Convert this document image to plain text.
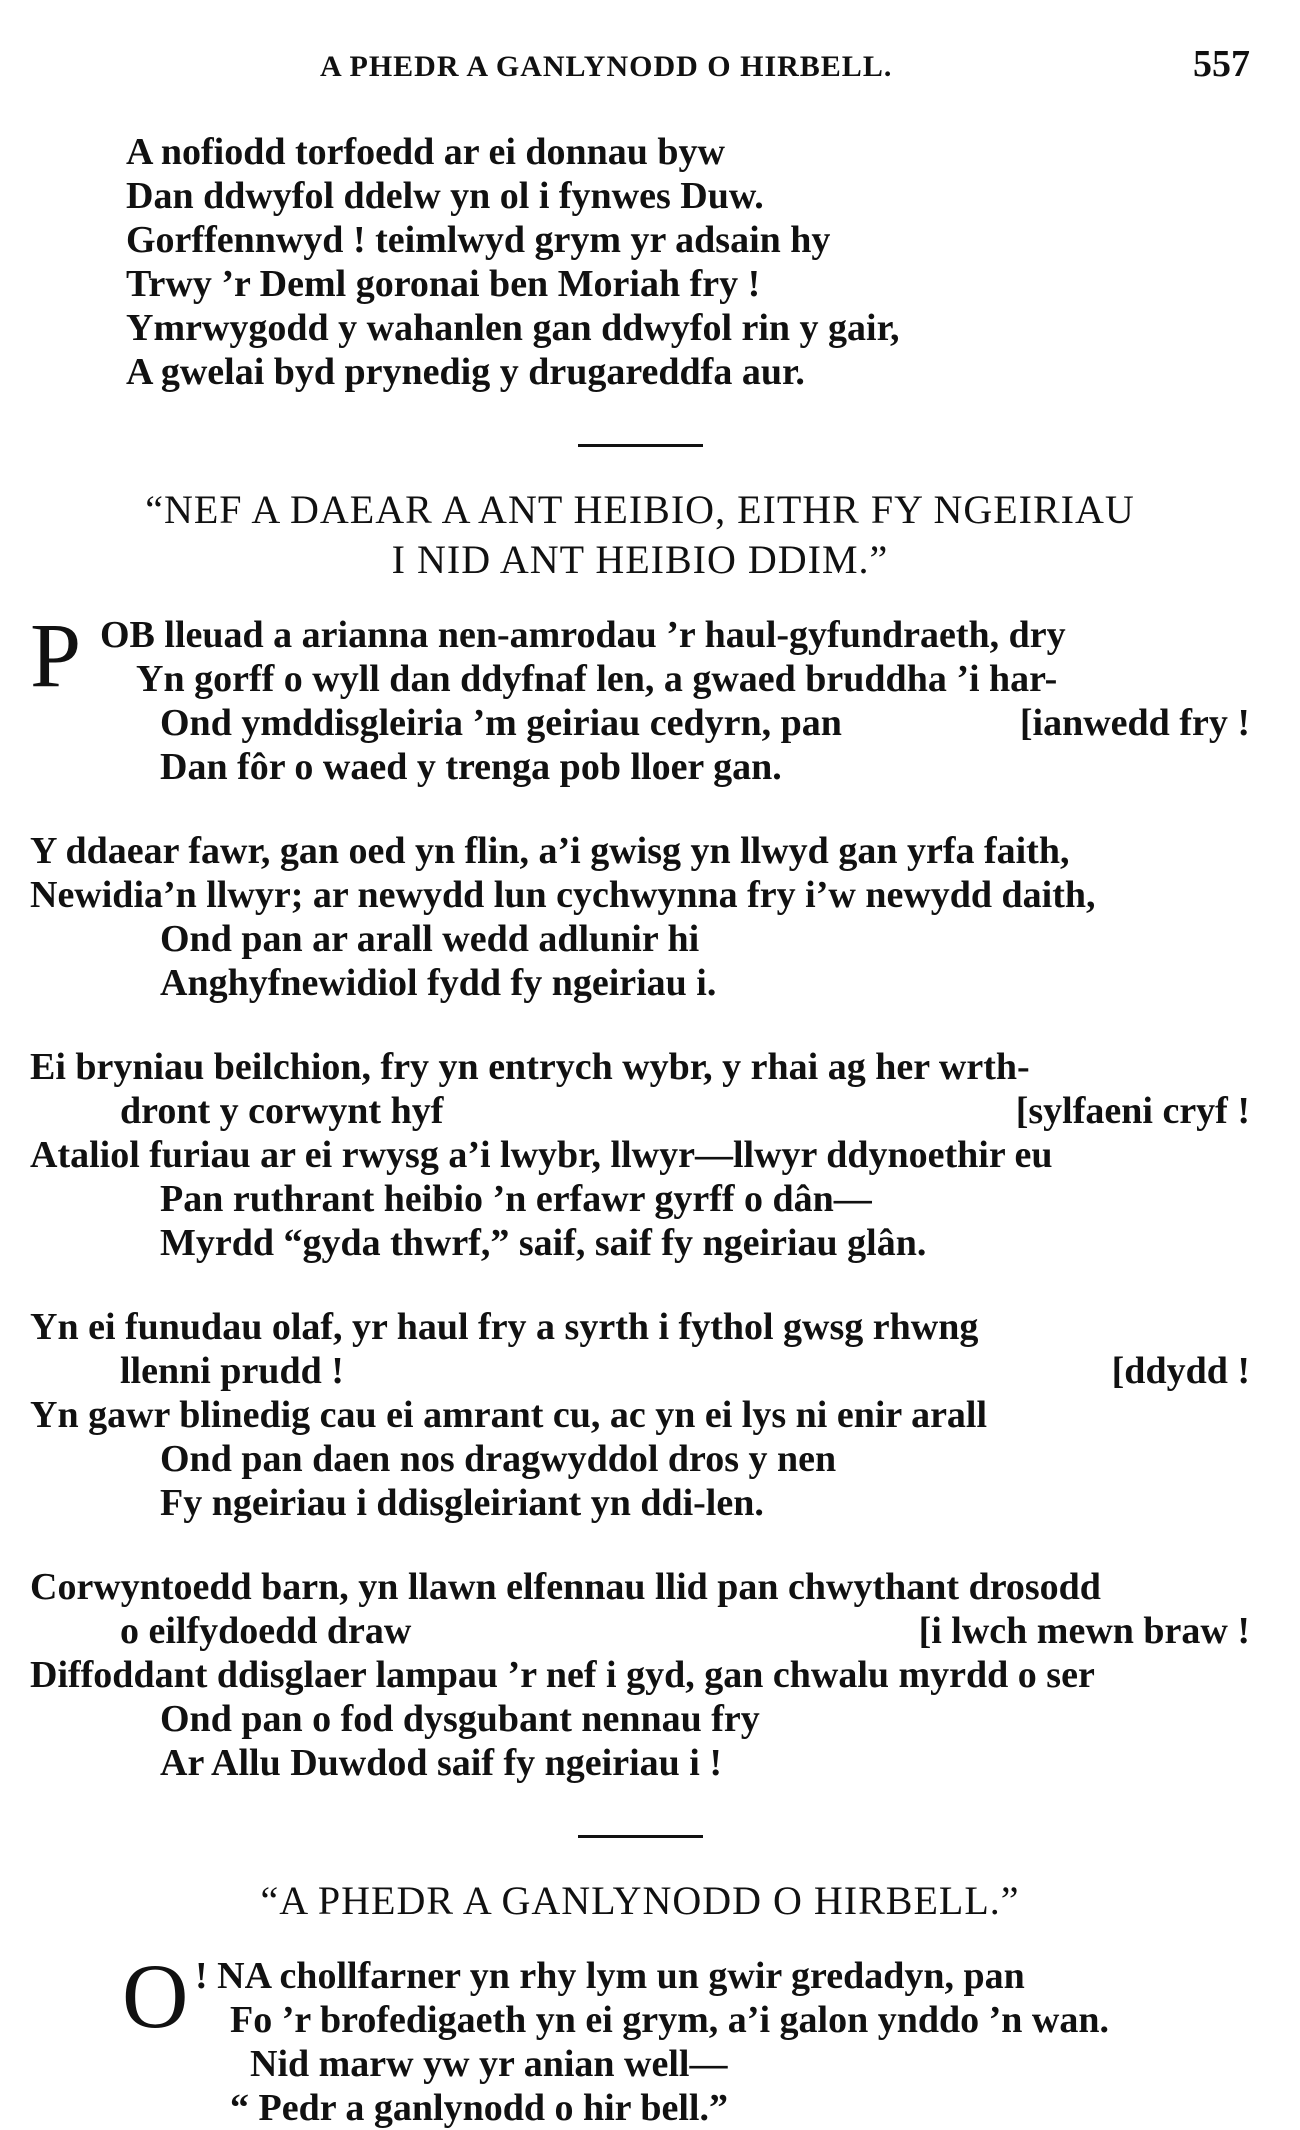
A PHEDR A GANLYNODD O HIRBELL.	557
A nofiodd torfoedd ar ei donnau byw
Dan ddwyfol ddelw yn ol i fynwes Duw.
Gorffennwyd ! teimlwyd grym yr adsain hy
Trwy ’r Deml goronai ben Moriah fry !
Ymrwygodd y wahanlen gan ddwyfol rin y gair,
A gwelai byd prynedig y drugareddfa aur.
“NEF A DAEAR A ANT HEIBIO, EITHR FY NGEIRIAU
I NID ANT HEIBIO DDIM.”
P OB lleuad a arianna nen-amrodau ’r haul-gyfundraeth, dry
Yn gorff o wyll dan ddyfnaf len, a gwaed bruddha ’i har-
Ond ymddisgleiria ’m geiriau cedyrn, pan	[ianwedd fry !
Dan fôr o waed y trenga pob lloer gan.
Y ddaear fawr, gan oed yn flin, a’i gwisg yn llwyd gan yrfa faith,
Newidia’n llwyr; ar newydd lun cychwynna fry i’w newydd daith,
Ond pan ar arall wedd adlunir hi
Anghyfnewidiol fydd fy ngeiriau i.
Ei bryniau beilchion, fry yn entrych wybr, y rhai ag her wrth-
dront y corwynt hyf	[sylfaeni cryf !
Ataliol furiau ar ei rwysg a’i lwybr, llwyr—llwyr ddynoethir eu
Pan ruthrant heibio ’n erfawr gyrff o dân—
Myrdd “gyda thwrf,” saif, saif fy ngeiriau glân.
Yn ei funudau olaf, yr haul fry a syrth i fythol gwsg rhwng
llenni prudd !	[ddydd !
Yn gawr blinedig cau ei amrant cu, ac yn ei lys ni enir arall
Ond pan daen nos dragwyddol dros y nen
Fy ngeiriau i ddisgleiriant yn ddi-len.
Corwyntoedd barn, yn llawn elfennau llid pan chwythant drosodd
o eilfydoedd draw	[i lwch mewn braw !
Diffoddant ddisglaer lampau ’r nef i gyd, gan chwalu myrdd o ser
Ond pan o fod dysgubant nennau fry
Ar Allu Duwdod saif fy ngeiriau i !
“A PHEDR A GANLYNODD O HIRBELL.”
O ! NA chollfarner yn rhy lym un gwir gredadyn, pan
Fo ’r brofedigaeth yn ei grym, a’i galon ynddo ’n wan.
Nid marw yw yr anian well—
“ Pedr a ganlynodd o hir bell.”
